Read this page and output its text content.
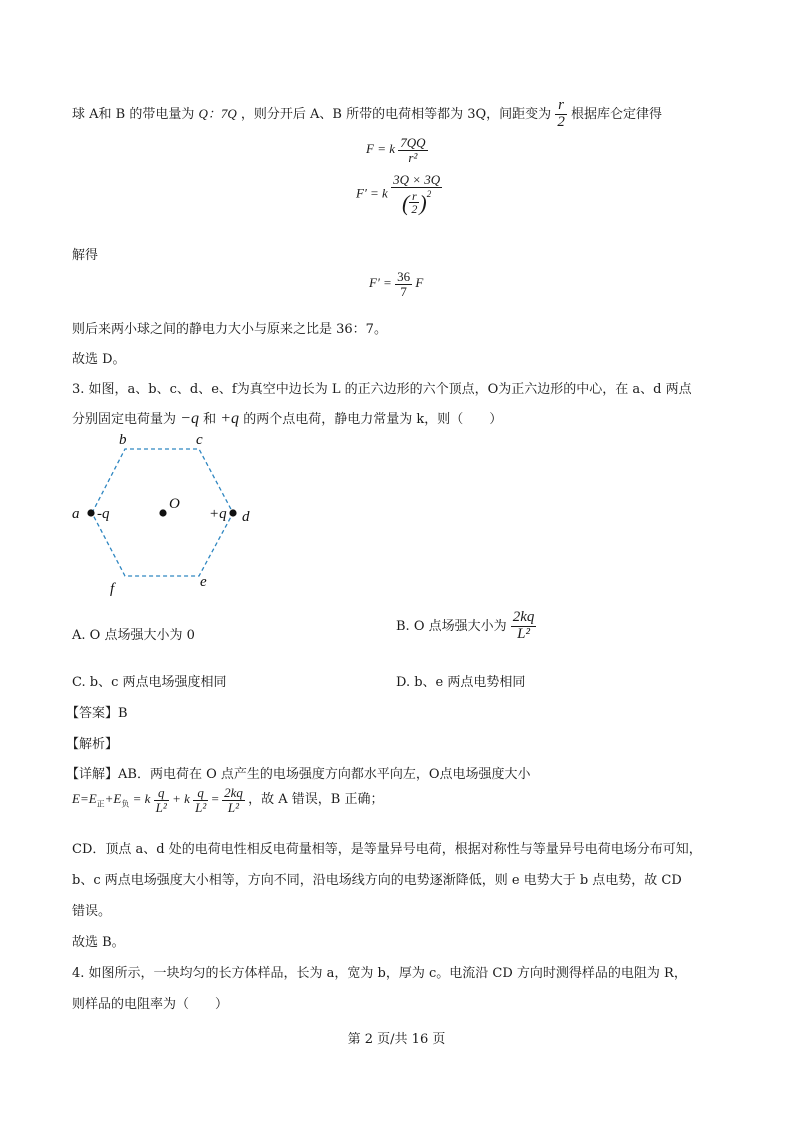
球 A和 B 的带电量为 Q：7Q ，则分开后 A、B 所带的电荷相等都为 3Q，间距变为 $\frac{r}{2}$ 根据库仑定律得
F = k $\frac{7QQ}{\text{r²}}$
F′ = k $\frac{3Q \times 3Q}{( \frac{r}{2} )^2}$
解得
$F' = \frac{36}{7}$ F
则后来两小球之间的静电力大小与原来之比是 36：7。
故选 D。
3. 如图，a、b、c、d、e、f为真空中边长为 L 的正六边形的六个顶点，O为正六边形的中心，在 a、d 两点
分别固定电荷量为 −q 和 +q 的两个点电荷，静电力常量为 k，则（　　）
b	c
a -q
O
+q d
f	e
A. O 点场强大小为 0
B. O 点场强大小为 $\frac{2kq}{\text{L²}}$
C. b、c 两点电场强度相同	D. b、e 两点电势相同
【答案】B
【解析】
【详解】AB．两电荷在 O 点产生的电场强度方向都水平向左，O点电场强度大小
$E=E_正+E_负 = k \frac{q}{\text{L²}} + k \frac{q}{\text{L²}} = \frac{2kq}{\text{L²}}$ ，故 A 错误，B 正确；
CD．顶点 a、d 处的电荷电性相反电荷量相等，是等量异号电荷，根据对称性与等量异号电荷电场分布可知，
b、c 两点电场强度大小相等，方向不同，沿电场线方向的电势逐渐降低，则 e 电势大于 b 点电势，故 CD
错误。
故选 B。
4. 如图所示，一块均匀的长方体样品，长为 a，宽为 b，厚为 c。电流沿 CD 方向时测得样品的电阻为 R，
则样品的电阻率为（　　）
第 2 页/共 16 页
